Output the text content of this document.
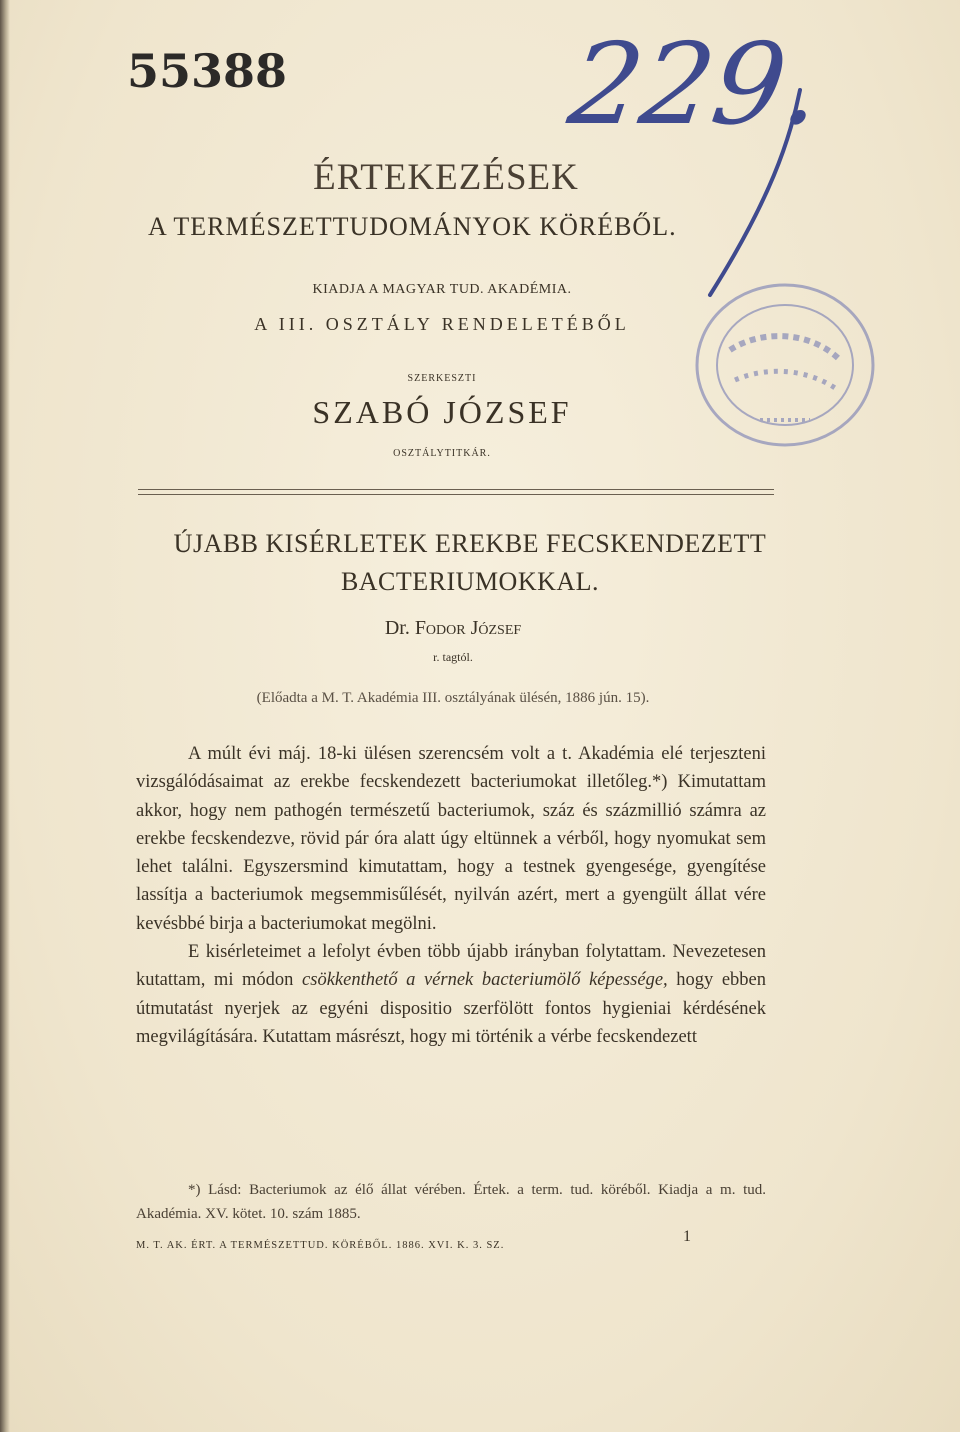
55388 229.
ÉRTEKEZÉSEK
A TERMÉSZETTUDOMÁNYOK KÖRÉBŐL.
KIADJA A MAGYAR TUD. AKADÉMIA.
A III. OSZTÁLY RENDELETÉBŐL
SZERKESZTI
SZABÓ JÓZSEF
OSZTÁLYTITKÁR.
ÚJABB KISÉRLETEK EREKBE FECSKENDEZETT
BACTERIUMOKKAL.
Dr. Fodor József
r. tagtól.
(Előadta a M. T. Akadémia III. osztályának ülésén, 1886 jún. 15).

A múlt évi máj. 18-ki ülésen szerencsém volt a t. Akadémia elé terjeszteni vizsgálódásaimat az erekbe fecskendezett bacteriumokat illetőleg.*) Kimutattam akkor, hogy nem pathogén természetű bacteriumok, száz és százmillió számra az erekbe fecskendezve, rövid pár óra alatt úgy eltünnek a vérből, hogy nyomukat sem lehet találni. Egyszersmind kimutattam, hogy a testnek gyengesége, gyengítése lassítja a bacteriumok megsemmisűlését, nyilván azért, mert a gyengült állat vére kevésbbé birja a bacteriumokat megölni.

E kisérleteimet a lefolyt évben több újabb irányban folytattam. Nevezetesen kutattam, mi módon csökkenthető a vérnek bacteriumölő képessége, hogy ebben útmutatást nyerjek az egyéni dispositio szerfölött fontos hygieniai kérdésének megvilágítására. Kutattam másrészt, hogy mi történik a vérbe fecskendezett

*) Lásd: Bacteriumok az élő állat vérében. Értek. a term. tud. köréből. Kiadja a m. tud. Akadémia. XV. kötet. 10. szám 1885.
M. T. AK. ÉRT. A TERMÉSZETTUD. KÖRÉBŐL. 1886. XVI. K. 3. SZ.
1
